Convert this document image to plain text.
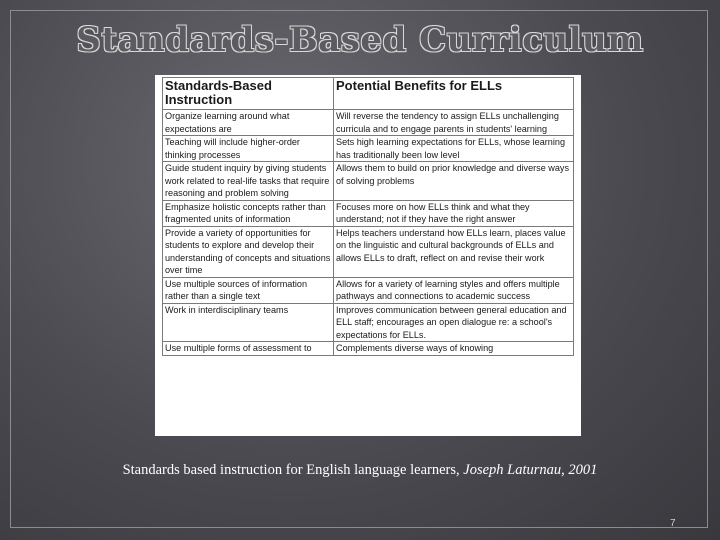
Standards-Based Curriculum
Standards-Based Instruction	Potential Benefits for ELLs
Organize learning around what expectations are	Will reverse the tendency to assign ELLs unchallenging curricula and to engage parents in students' learning
Teaching will include higher-order thinking processes	Sets high learning expectations for ELLs, whose learning has traditionally been low level
Guide student inquiry by giving students work related to real-life tasks that require reasoning and problem solving	Allows them to build on prior knowledge and diverse ways of solving problems
Emphasize holistic concepts rather than fragmented units of information	Focuses more on how ELLs think and what they understand; not if they have the right answer
Provide a variety of opportunities for students to explore and develop their understanding of concepts and situations over time	Helps teachers understand how ELLs learn, places value on the linguistic and cultural backgrounds of ELLs and allows ELLs to draft, reflect on and revise their work
Use multiple sources of information rather than a single text	Allows for a variety of learning styles and offers multiple pathways and connections to academic success
Work in interdisciplinary teams	Improves communication between general education and ELL staff; encourages an open dialogue re: a school's expectations for ELLs.
Use multiple forms of assessment to	Complements diverse ways of knowing
Standards based instruction for English language learners, Joseph Laturnau, 2001
7
